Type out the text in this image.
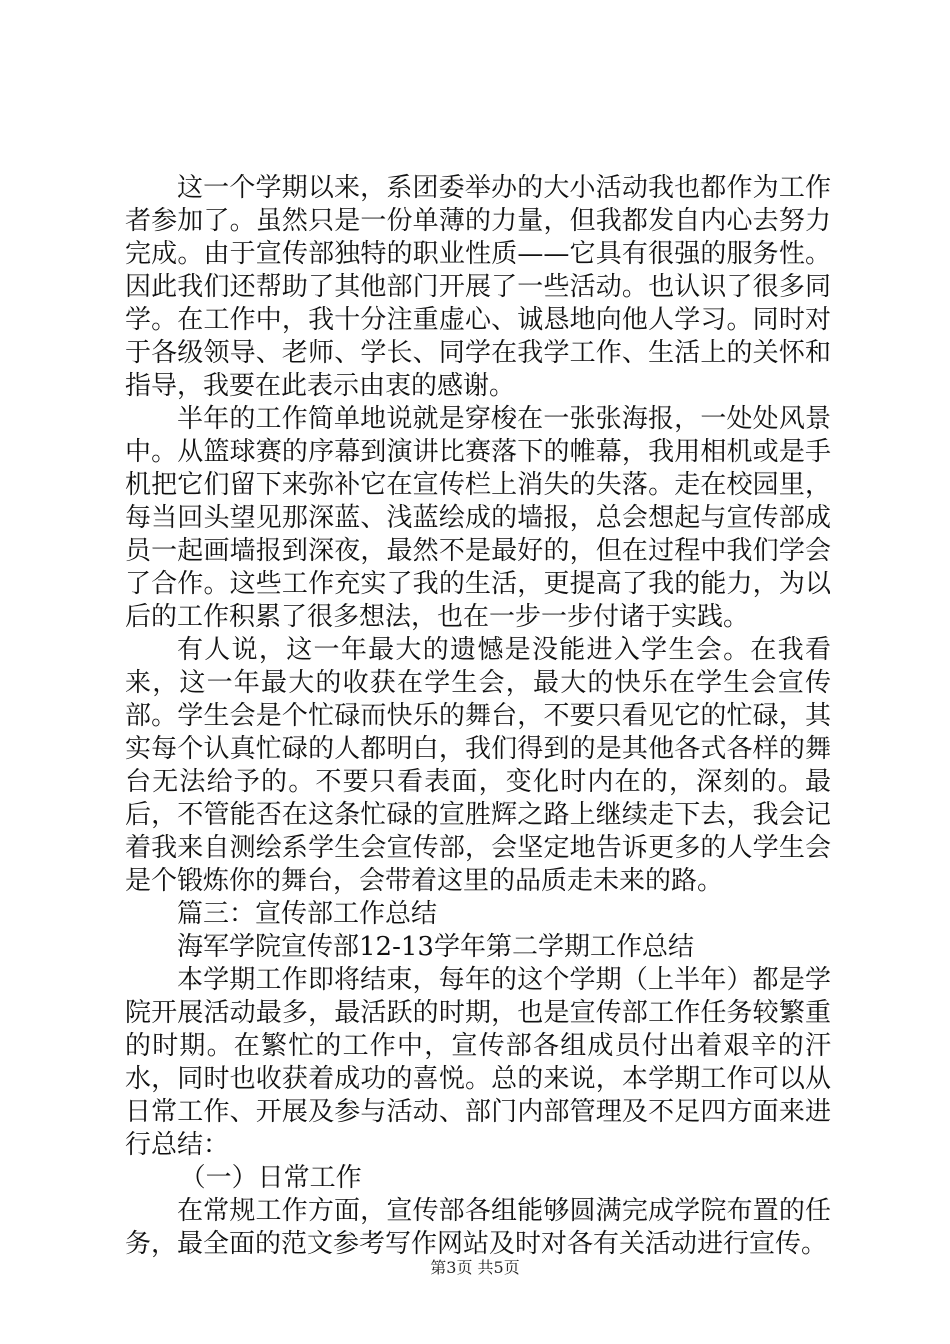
这一个学期以来，系团委举办的大小活动我也都作为工作者参加了。虽然只是一份单薄的力量，但我都发自内心去努力完成。由于宣传部独特的职业性质——它具有很强的服务性。因此我们还帮助了其他部门开展了一些活动。也认识了很多同学。在工作中，我十分注重虚心、诚恳地向他人学习。同时对于各级领导、老师、学长、同学在我学工作、生活上的关怀和指导，我要在此表示由衷的感谢。

半年的工作简单地说就是穿梭在一张张海报，一处处风景中。从篮球赛的序幕到演讲比赛落下的帷幕，我用相机或是手机把它们留下来弥补它在宣传栏上消失的失落。走在校园里，每当回头望见那深蓝、浅蓝绘成的墙报，总会想起与宣传部成员一起画墙报到深夜，最然不是最好的，但在过程中我们学会了合作。这些工作充实了我的生活，更提高了我的能力，为以后的工作积累了很多想法，也在一步一步付诸于实践。

有人说，这一年最大的遗憾是没能进入学生会。在我看来，这一年最大的收获在学生会，最大的快乐在学生会宣传部。学生会是个忙碌而快乐的舞台，不要只看见它的忙碌，其实每个认真忙碌的人都明白，我们得到的是其他各式各样的舞台无法给予的。不要只看表面，变化时内在的，深刻的。最后，不管能否在这条忙碌的宣胜辉之路上继续走下去，我会记着我来自测绘系学生会宣传部，会坚定地告诉更多的人学生会是个锻炼你的舞台，会带着这里的品质走未来的路。

篇三：宣传部工作总结

海军学院宣传部12-13学年第二学期工作总结

本学期工作即将结束，每年的这个学期（上半年）都是学院开展活动最多，最活跃的时期，也是宣传部工作任务较繁重的时期。在繁忙的工作中，宣传部各组成员付出着艰辛的汗水，同时也收获着成功的喜悦。总的来说，本学期工作可以从日常工作、开展及参与活动、部门内部管理及不足四方面来进行总结：

（一）日常工作

在常规工作方面，宣传部各组能够圆满完成学院布置的任务，最全面的范文参考写作网站及时对各有关活动进行宣传。

第3页 共5页
